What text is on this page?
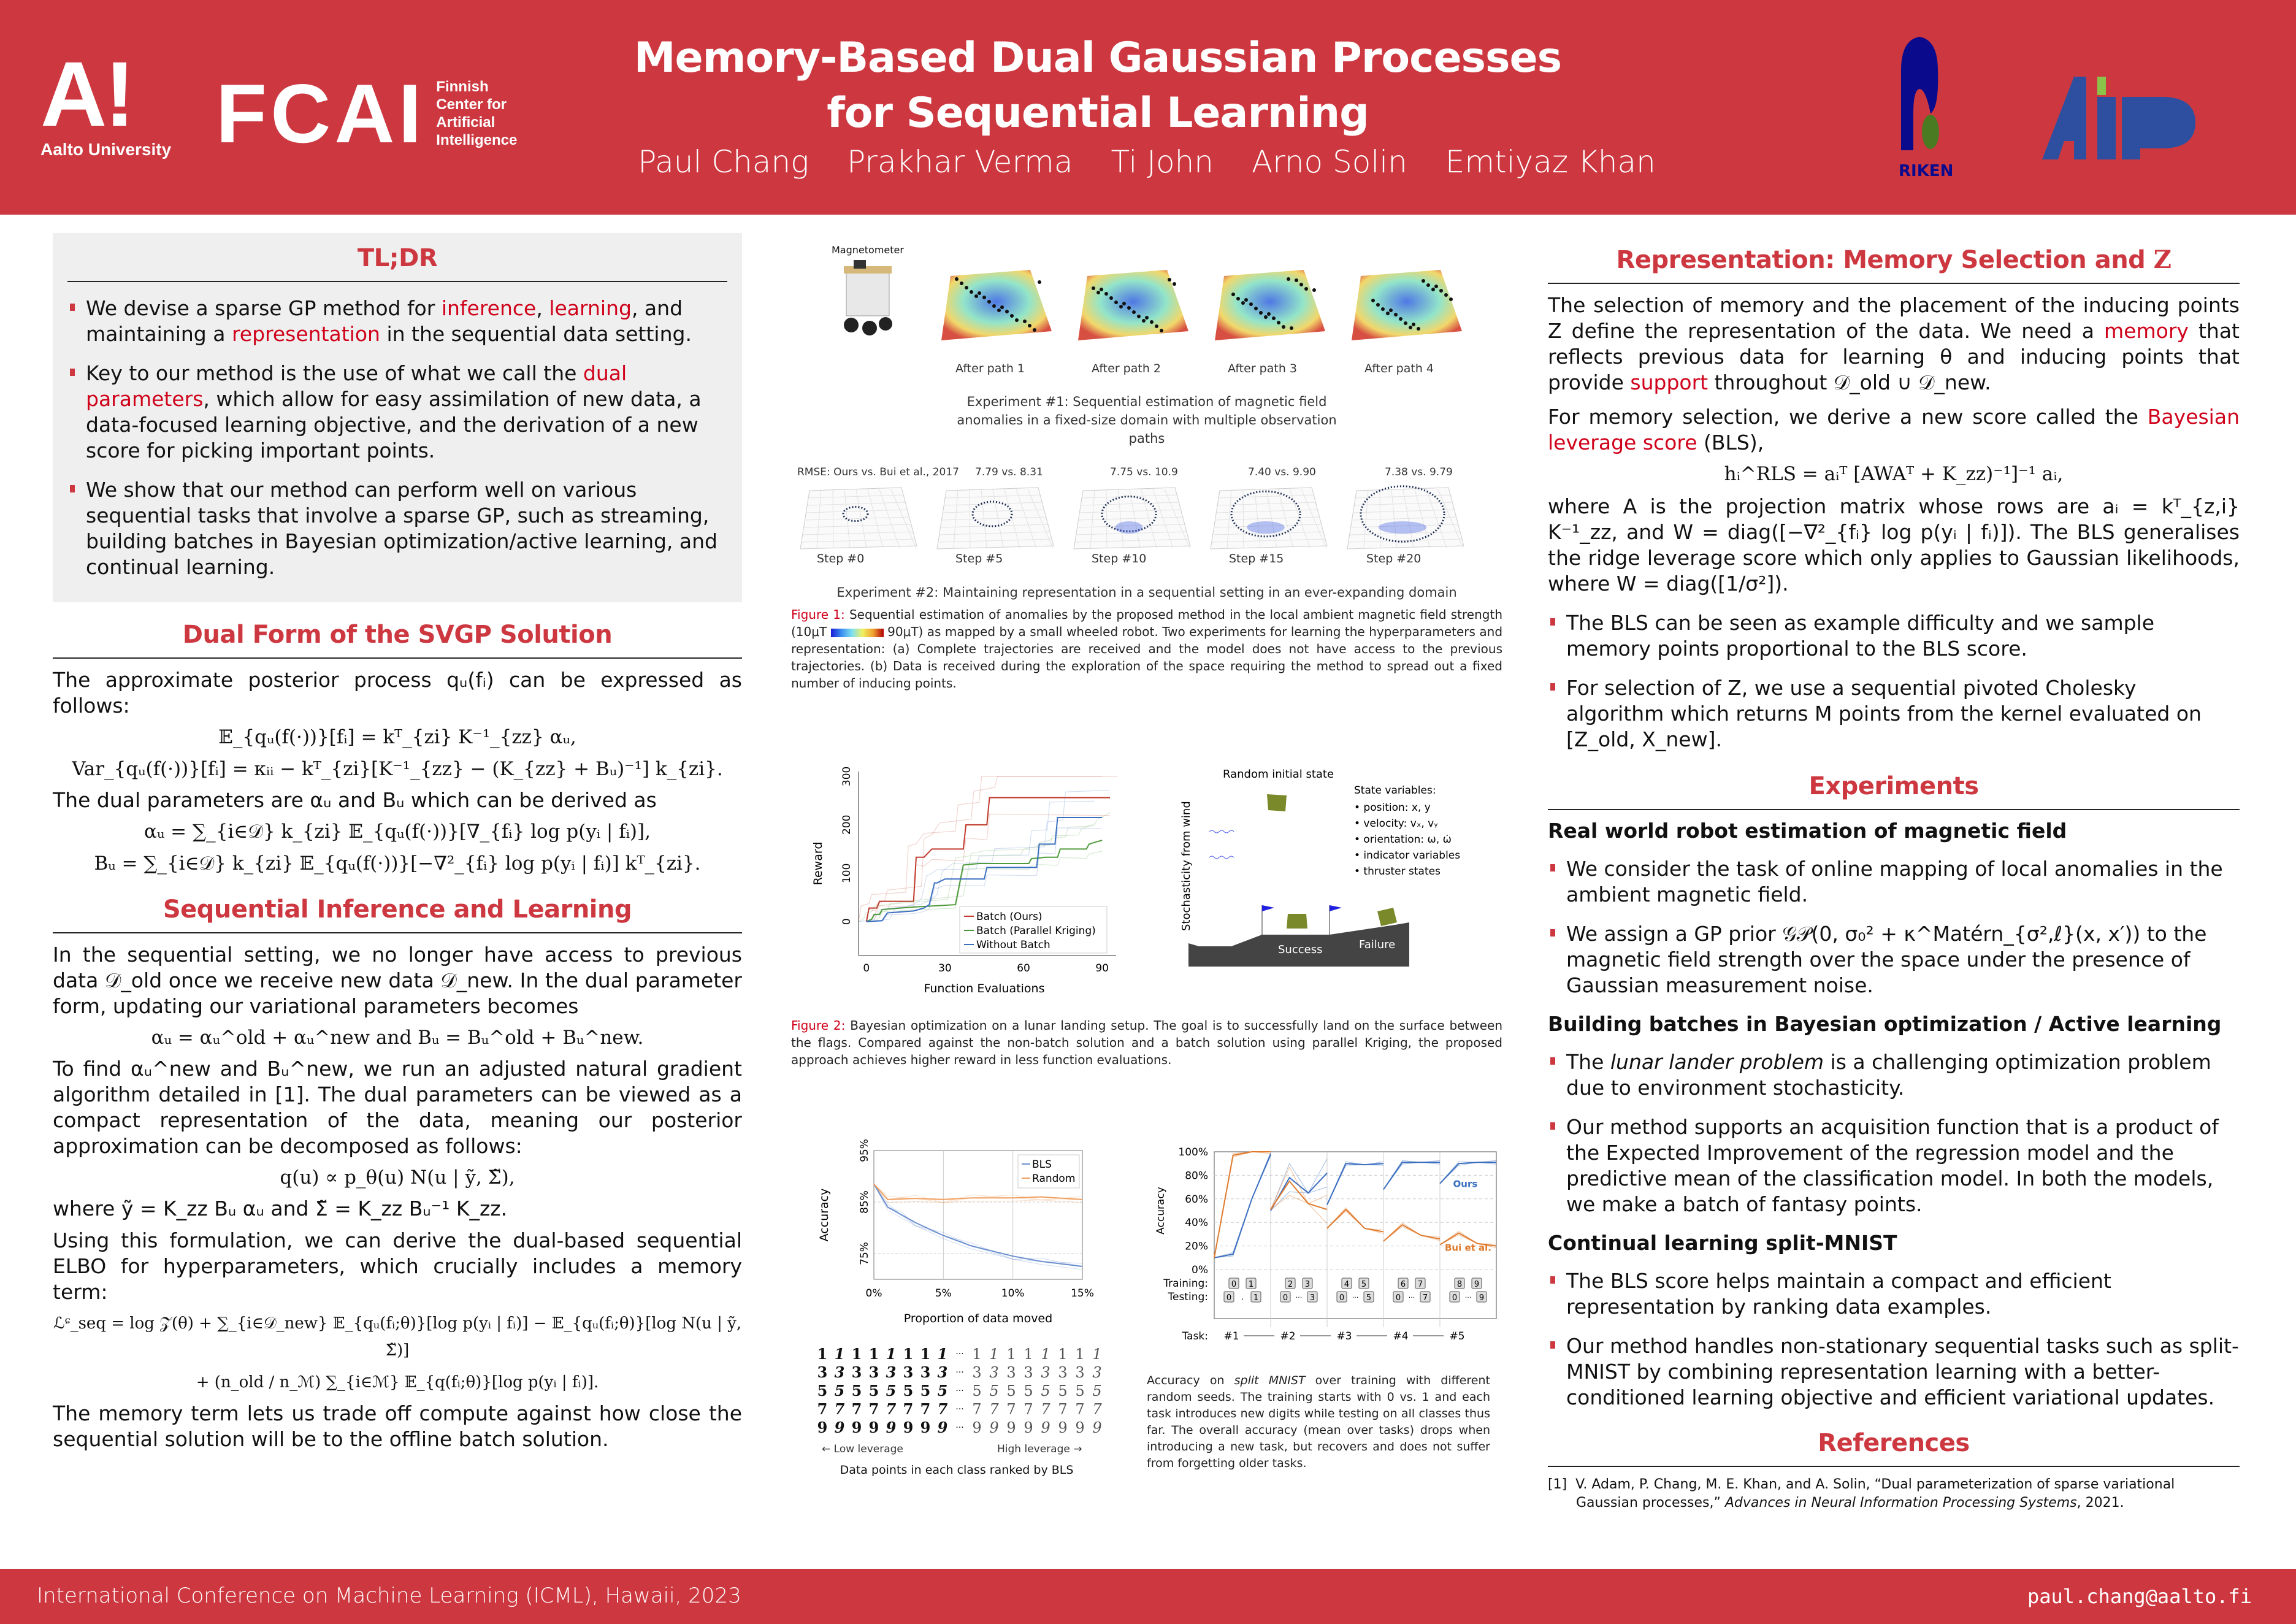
A!
Aalto University FCAI Finnish
Center for
Artificial
Intelligence
Memory-Based Dual Gaussian Processes
for Sequential Learning
Paul Chang Prakhar Verma Ti John Arno Solin Emtiyaz Khan	RIKEN
AIP
TL;DR
We devise a sparse GP method for inference, learning, and maintaining a representation in the sequential data setting.
Key to our method is the use of what we call the dual parameters, which allow for easy assimilation of new data, a data-focused learning objective, and the derivation of a new score for picking important points.
We show that our method can perform well on various sequential tasks that involve a sparse GP, such as streaming, building batches in Bayesian optimization/active learning, and continual learning.
Dual Form of the SVGP Solution

The approximate posterior process qᵤ(fᵢ) can be expressed as follows:

𝔼_{qᵤ(f(·))}[fᵢ] = kᵀ_{zi} K⁻¹_{zz} αᵤ,
Var_{qᵤ(f(·))}[fᵢ] = κᵢᵢ − kᵀ_{zi}[K⁻¹_{zz} − (K_{zz} + Bᵤ)⁻¹] k_{zi}.

The dual parameters are αᵤ and Bᵤ which can be derived as

αᵤ = ∑_{i∈𝒟} k_{zi} 𝔼_{qᵤ(f(·))}[∇_{fᵢ} log p(yᵢ | fᵢ)],
Bᵤ = ∑_{i∈𝒟} k_{zi} 𝔼_{qᵤ(f(·))}[−∇²_{fᵢ} log p(yᵢ | fᵢ)] kᵀ_{zi}.
Sequential Inference and Learning

In the sequential setting, we no longer have access to previous data 𝒟_old once we receive new data 𝒟_new. In the dual parameter form, updating our variational parameters becomes

αᵤ = αᵤ^old + αᵤ^new and Bᵤ = Bᵤ^old + Bᵤ^new.

To find αᵤ^new and Bᵤ^new, we run an adjusted natural gradient algorithm detailed in [1]. The dual parameters can be viewed as a compact representation of the data, meaning our posterior approximation can be decomposed as follows:

q(u) ∝ p_θ(u) N(u | ỹ, Σ̃),

where ỹ = K_zz Bᵤ αᵤ and Σ̃ = K_zz Bᵤ⁻¹ K_zz.

Using this formulation, we can derive the dual-based sequential ELBO for hyperparameters, which crucially includes a memory term:

ℒᶝ_seq = log 𝒵(θ) + ∑_{i∈𝒟_new} 𝔼_{qᵤ(fᵢ;θ)}[log p(yᵢ | fᵢ)] − 𝔼_{qᵤ(fᵢ;θ)}[log N(u | ỹ, Σ̃)]
+ (n_old / n_ℳ) ∑_{i∈ℳ} 𝔼_{q(fᵢ;θ)}[log p(yᵢ | fᵢ)].

The memory term lets us trade off compute against how close the sequential solution will be to the offline batch solution.

Magnetometer
After path 1	After path 2	After path 3	After path 4
Experiment #1: Sequential estimation of magnetic field anomalies in a fixed-size domain with multiple observation paths
RMSE: Ours vs. Bui et al., 2017 7.79 vs. 8.31	7.75 vs. 10.9	7.40 vs. 9.90	7.38 vs. 9.79
Step #0	Step #5	Step #10	Step #15	Step #20
Experiment #2: Maintaining representation in a sequential setting in an ever-expanding domain

Figure 1: Sequential estimation of anomalies by the proposed method in the local ambient magnetic field strength (10μT	90μT) as mapped by a small wheeled robot. Two experiments for learning the hyperparameters and representation: (a) Complete trajectories are received and the model does not have access to the previous trajectories. (b) Data is received during the exploration of the space requiring the method to spread out a fixed number of inducing points.

0	30	60	90
0
100
200
300
Function Evaluations
Reward
Batch (Ours)
Batch (Parallel Kriging)
Without Batch
Random initial state
Stochasticity from wind
State variables:
• position: x, y
• velocity: vₓ, vᵧ
• orientation: ω, ω̇
• indicator variables
• thruster states
Success	Failure

Figure 2: Bayesian optimization on a lunar landing setup. The goal is to successfully land on the surface between the flags. Compared against the non-batch solution and a batch solution using parallel Kriging, the proposed approach achieves higher reward in less function evaluations.

0%	5%	10%	15%
75%
85%
95%
Proportion of data moved
Accuracy
BLS
Random
1 1 1 1 1 1 1 1 ··· 1 1 1 1 1 1 1 1
3 3 3 3 3 3 3 3 ··· 3 3 3 3 3 3 3 3
5 5 5 5 5 5 5 5 ··· 5 5 5 5 5 5 5 5
7 7 7 7 7 7 7 7 ··· 7 7 7 7 7 7 7 7
9 9 9 9 9 9 9 9 ··· 9 9 9 9 9 9 9 9
← Low leverage	High leverage →
Data points in each class ranked by BLS
0%
20%
40%
60%
80%
100%
Accuracy
Ours
Bui et al.
Training:
Testing:
Task:
0 1
0	1
,
#1
2 3
0	3
···
#2
4 5
0	5
···
#3
6 7
0	7
···
#4
8 9
0	9
···
#5

Accuracy on split MNIST over training with different random seeds. The training starts with 0 vs. 1 and each task introduces new digits while testing on all classes thus far. The overall accuracy (mean over tasks) drops when introducing a new task, but recovers and does not suffer from forgetting older tasks.

Representation: Memory Selection and Z

The selection of memory and the placement of the inducing points Z define the representation of the data. We need a memory that reflects previous data for learning θ and inducing points that provide support throughout 𝒟_old ∪ 𝒟_new.

For memory selection, we derive a new score called the Bayesian leverage score (BLS),

hᵢ^RLS = aᵢᵀ [AWAᵀ + K_zz)⁻¹]⁻¹ aᵢ,

where A is the projection matrix whose rows are aᵢ = kᵀ_{z,i} K⁻¹_zz, and W = diag([−∇²_{fᵢ} log p(yᵢ | fᵢ)]). The BLS generalises the ridge leverage score which only applies to Gaussian likelihoods, where W = diag([1/σ²]).

The BLS can be seen as example difficulty and we sample memory points proportional to the BLS score.
For selection of Z, we use a sequential pivoted Cholesky algorithm which returns M points from the kernel evaluated on [Z_old, X_new].
Experiments
Real world robot estimation of magnetic field
We consider the task of online mapping of local anomalies in the ambient magnetic field.
We assign a GP prior 𝒢𝒫(0, σ₀² + κ^Matérn_{σ²,ℓ}(x, x′)) to the magnetic field strength over the space under the presence of Gaussian measurement noise.
Building batches in Bayesian optimization / Active learning
The lunar lander problem is a challenging optimization problem due to environment stochasticity.
Our method supports an acquisition function that is a product of the Expected Improvement of the regression model and the predictive mean of the classification model. In both the models, we make a batch of fantasy points.
Continual learning split-MNIST
The BLS score helps maintain a compact and efficient representation by ranking data examples.
Our method handles non-stationary sequential tasks such as split-MNIST by combining representation learning with a better-conditioned learning objective and efficient variational updates.
References

[1] V. Adam, P. Chang, M. E. Khan, and A. Solin, “Dual parameterization of sparse variational Gaussian processes,” Advances in Neural Information Processing Systems, 2021.

International Conference on Machine Learning (ICML), Hawaii, 2023	paul.chang@aalto.fi
